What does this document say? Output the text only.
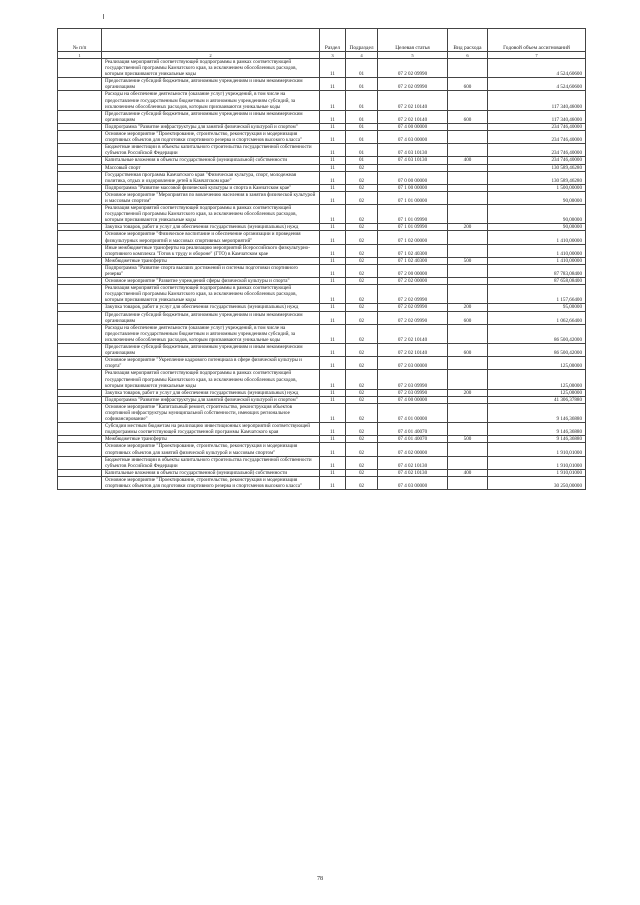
№ п/п		Раздел	Подраздел	Целевая статья	Вид расхода	Годовой объем ассигнований
1	2	3	4	5	6	7
	Реализация мероприятий соответствующей подпрограммы в рамках соответствующей государственной программы Камчатского края, за исключением обособленных расходов, которым присваиваются уникальные коды	11	01	07 2 02 09990		4 524,60600
	Предоставление субсидий бюджетным, автономным учреждениям и иным некоммерческим организациям	11	01	07 2 02 09990	600	4 524,60600
	Расходы на обеспечение деятельности (оказание услуг) учреждений, в том числе на предоставление государственным бюджетным и автономным учреждениям субсидий, за исключением обособленных расходов, которым присваиваются уникальные коды	11	01	07 2 02 10140		117 340,46000
	Предоставление субсидий бюджетным, автономным учреждениям и иным некоммерческим организациям	11	01	07 2 02 10140	600	117 340,46000
	Подпрограмма "Развитие инфраструктуры для занятий физической культурой и спортом"	11	01	07 4 00 00000		234 746,40000
	Основное мероприятие "Проектирование, строительство, реконструкция и модернизация спортивных объектов для подготовки спортивного резерва и спортсменов высокого класса"	11	01	07 4 03 00000		234 746,40000
	Бюджетные инвестиции в объекты капитального строительства государственной собственности субъектов Российской Федерации	11	01	07 4 03 10130		234 746,40000
	Капитальные вложения в объекты государственной (муниципальной) собственности	11	01	07 4 03 10130	400	234 746,40000
	Массовый спорт	11	02			130 589,46280
	Государственная программа Камчатского края "Физическая культура, спорт, молодежная политика, отдых и оздоровление детей в Камчатском крае"	11	02	07 0 00 00000		130 589,46280
	Подпрограмма "Развитие массовой физической культуры и спорта в Камчатском крае"	11	02	07 1 00 00000		1 500,00000
	Основное мероприятие "Мероприятия по вовлечению населения в занятия физической культурой и массовым спортом"	11	02	07 1 01 00000		90,00000
	Реализация мероприятий соответствующей подпрограммы в рамках соответствующей государственной программы Камчатского края, за исключением обособленных расходов, которым присваиваются уникальные коды	11	02	07 1 01 09990		90,00000
	Закупка товаров, работ и услуг для обеспечения государственных (муниципальных) нужд	11	02	07 1 01 09990	200	90,00000
	Основное мероприятие "Физическое воспитание и обеспечение организации и проведения физкультурных мероприятий и массовых спортивных мероприятий"	11	02	07 1 02 00000		1 410,00000
	Иные межбюджетные трансферты на реализацию мероприятий Всероссийского физкультурно-спортивного комплекса "Готов к труду и обороне" (ГТО) в Камчатском крае	11	02	07 1 02 40300		1 410,00000
	Межбюджетные трансферты	11	02	07 1 02 40300	500	1 410,00000
	Подпрограмма "Развитие спорта высших достижений и системы подготовки спортивного резерва"	11	02	07 2 00 00000		87 783,08400
	Основное мероприятие "Развитие учреждений сферы физической культуры и спорта"	11	02	07 2 02 00000		87 658,08400
	Реализация мероприятий соответствующей подпрограммы в рамках соответствующей государственной программы Камчатского края, за исключением обособленных расходов, которым присваиваются уникальные коды	11	02	07 2 02 09990		1 157,66400
	Закупка товаров, работ и услуг для обеспечения государственных (муниципальных) нужд	11	02	07 2 02 09990	200	95,00000
	Предоставление субсидий бюджетным, автономным учреждениям и иным некоммерческим организациям	11	02	07 2 02 09990	600	1 062,66400
	Расходы на обеспечение деятельности (оказание услуг) учреждений, в том числе на предоставление государственным бюджетным и автономным учреждениям субсидий, за исключением обособленных расходов, которым присваиваются уникальные коды	11	02	07 2 02 10140		86 500,42000
	Предоставление субсидий бюджетным, автономным учреждениям и иным некоммерческим организациям	11	02	07 2 02 10140	600	86 500,42000
	Основное мероприятие "Укрепление кадрового потенциала в сфере физической культуры и спорта"	11	02	07 2 03 00000		125,00000
	Реализация мероприятий соответствующей подпрограммы в рамках соответствующей государственной программы Камчатского края, за исключением обособленных расходов, которым присваиваются уникальные коды	11	02	07 2 03 09990		125,00000
	Закупка товаров, работ и услуг для обеспечения государственных (муниципальных) нужд	11	02	07 2 03 09990	200	125,00000
	Подпрограмма "Развитие инфраструктуры для занятий физической культурой и спортом"	11	02	07 4 00 00000		41 306,37880
	Основное мероприятие "Капитальный ремонт, строительство, реконструкция объектов спортивной инфраструктуры муниципальной собственности, имеющих региональное софинансирование"	11	02	07 4 01 00000		9 146,36880
	Субсидии местным бюджетам на реализацию инвестиционных мероприятий соответствующей подпрограммы соответствующей государственной программы Камчатского края	11	02	07 4 01 40070		9 146,36880
	Межбюджетные трансферты	11	02	07 4 01 40070	500	9 146,36880
	Основное мероприятие "Проектирование, строительство, реконструкция и модернизация спортивных объектов для занятий физической культурой и массовым спортом"	11	02	07 4 02 00000		1 910,01000
	Бюджетные инвестиции в объекты капитального строительства государственной собственности субъектов Российской Федерации	11	02	07 4 02 10130		1 910,01000
	Капитальные вложения в объекты государственной (муниципальной) собственности	11	02	07 4 02 10130	400	1 910,01000
	Основное мероприятие "Проектирование, строительство, реконструкция и модернизация спортивных объектов для подготовки спортивного резерва и спортсменов высокого класса"	11	02	07 4 03 00000		30 250,00000
78
